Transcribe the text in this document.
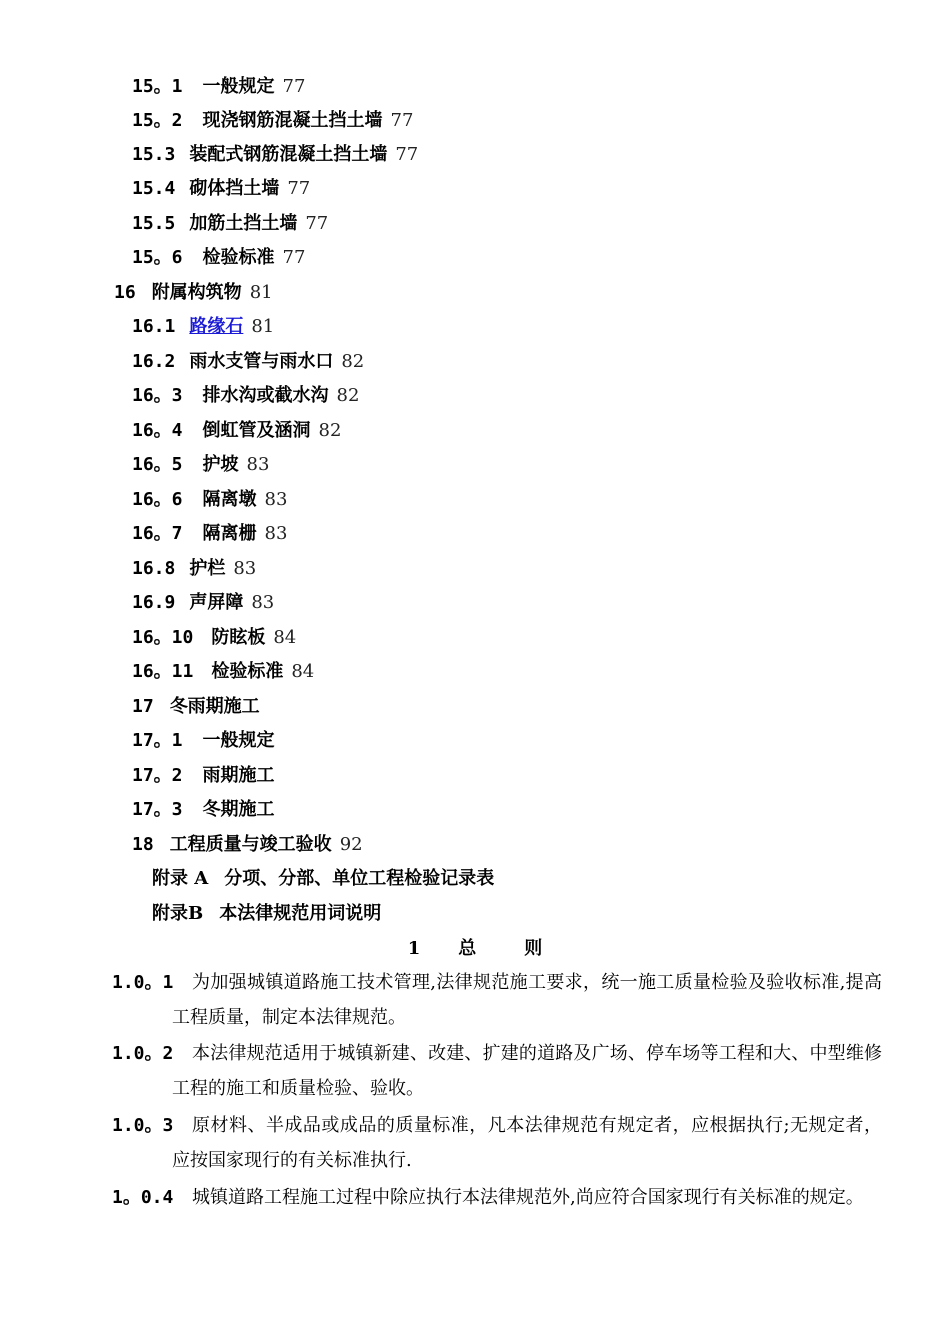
15。1 一般规定 77
15。2 现浇钢筋混凝土挡土墙 77
15.3 装配式钢筋混凝土挡土墙 77
15.4 砌体挡土墙 77
15.5 加筋土挡土墙 77
15。6 检验标准 77
16 附属构筑物 81
16.1 路缘石 81
16.2 雨水支管与雨水口 82
16。3 排水沟或截水沟 82
16。4 倒虹管及涵洞 82
16。5 护坡 83
16。6 隔离墩 83
16。7 隔离栅 83
16.8 护栏 83
16.9 声屏障 83
16。10 防眩板 84
16。11 检验标准 84
17 冬雨期施工
17。1 一般规定
17。2 雨期施工
17。3 冬期施工
18 工程质量与竣工验收 92
附录 A 分项、分部、单位工程检验记录表
附录B 本法律规范用词说明
1 总	则
1.0。1	为加强城镇道路施工技术管理,法律规范施工要求，统一施工质量检验及验收标准,提高工程质量，制定本法律规范。
1.0。2	本法律规范适用于城镇新建、改建、扩建的道路及广场、停车场等工程和大、中型维修工程的施工和质量检验、验收。
1.0。3	原材料、半成品或成品的质量标准，凡本法律规范有规定者，应根据执行;无规定者，应按国家现行的有关标准执行.
1。0.4	城镇道路工程施工过程中除应执行本法律规范外,尚应符合国家现行有关标准的规定。
